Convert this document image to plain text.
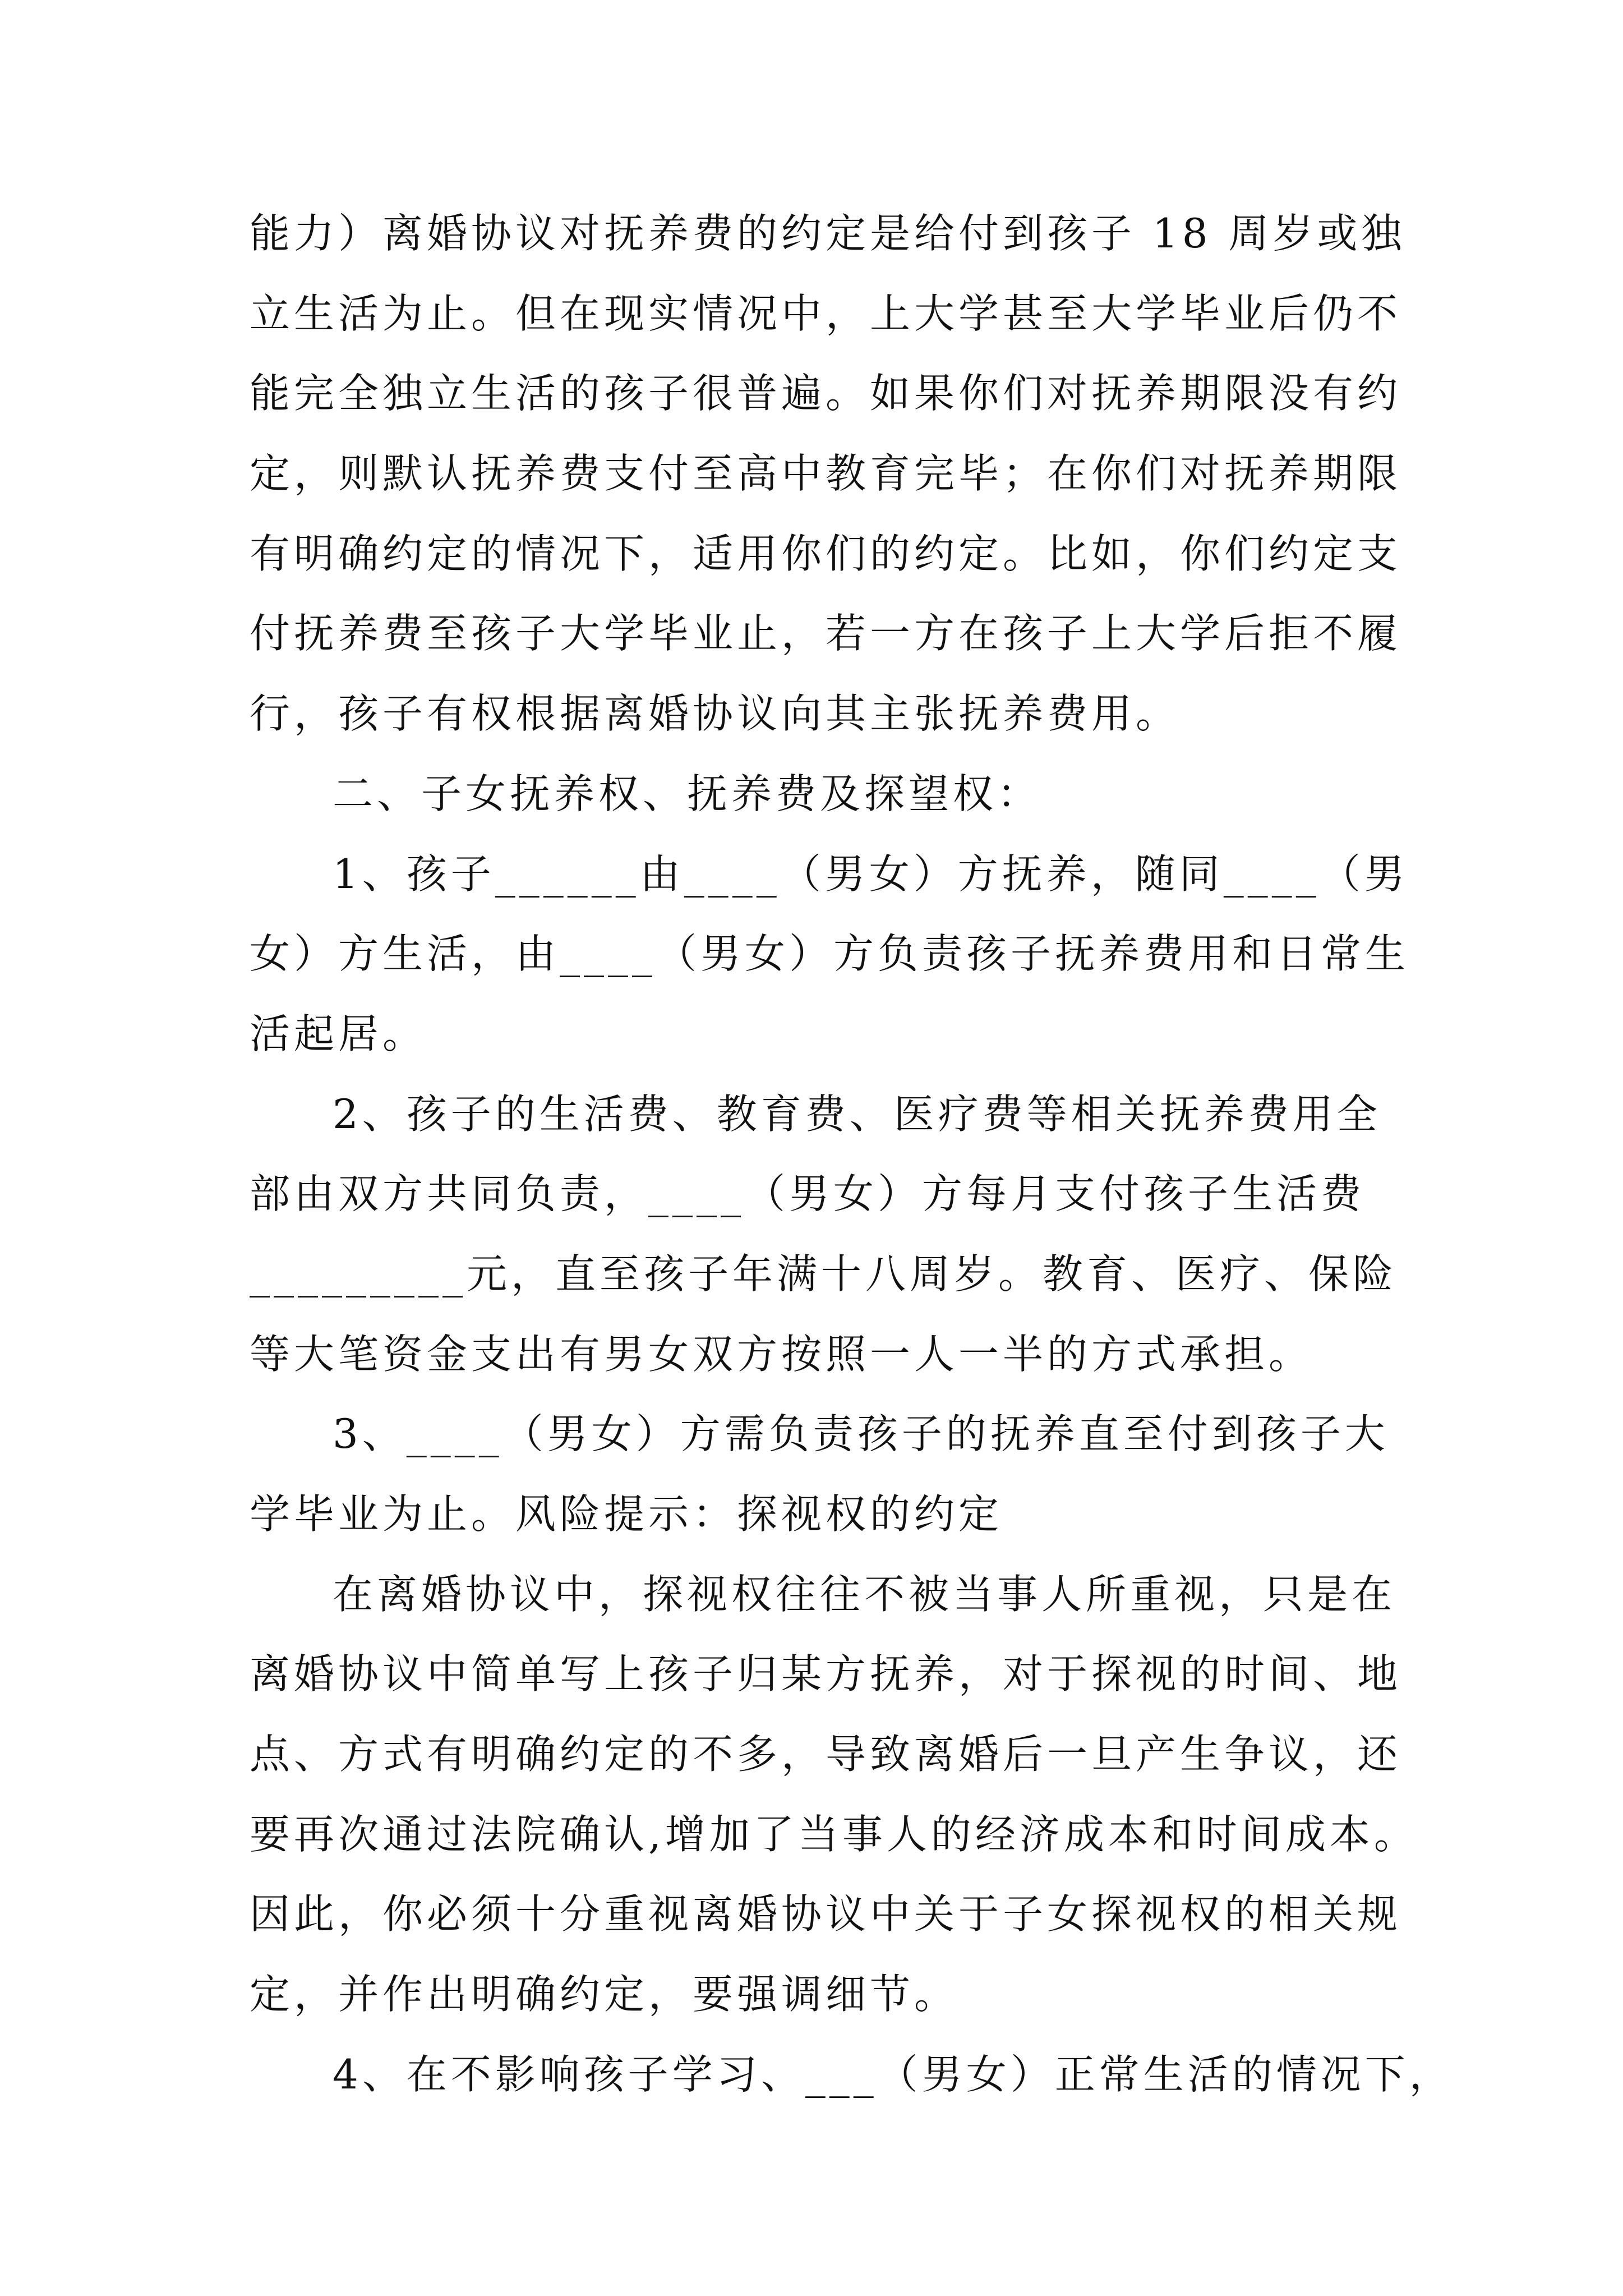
能力）离婚协议对抚养费的约定是给付到孩子 18 周岁或独
立生活为止。但在现实情况中，上大学甚至大学毕业后仍不
能完全独立生活的孩子很普遍。如果你们对抚养期限没有约
定，则默认抚养费支付至高中教育完毕；在你们对抚养期限
有明确约定的情况下，适用你们的约定。比如，你们约定支
付抚养费至孩子大学毕业止，若一方在孩子上大学后拒不履
行，孩子有权根据离婚协议向其主张抚养费用。
二、子女抚养权、抚养费及探望权：
1、孩子______由____（男女）方抚养，随同____（男
女）方生活，由____（男女）方负责孩子抚养费用和日常生
活起居。
2、孩子的生活费、教育费、医疗费等相关抚养费用全
部由双方共同负责，____（男女）方每月支付孩子生活费
_________元，直至孩子年满十八周岁。教育、医疗、保险
等大笔资金支出有男女双方按照一人一半的方式承担。
3、____（男女）方需负责孩子的抚养直至付到孩子大
学毕业为止。风险提示：探视权的约定
在离婚协议中，探视权往往不被当事人所重视，只是在
离婚协议中简单写上孩子归某方抚养，对于探视的时间、地
点、方式有明确约定的不多，导致离婚后一旦产生争议，还
要再次通过法院确认,增加了当事人的经济成本和时间成本。
因此，你必须十分重视离婚协议中关于子女探视权的相关规
定，并作出明确约定，要强调细节。
4、在不影响孩子学习、___（男女）正常生活的情况下，
